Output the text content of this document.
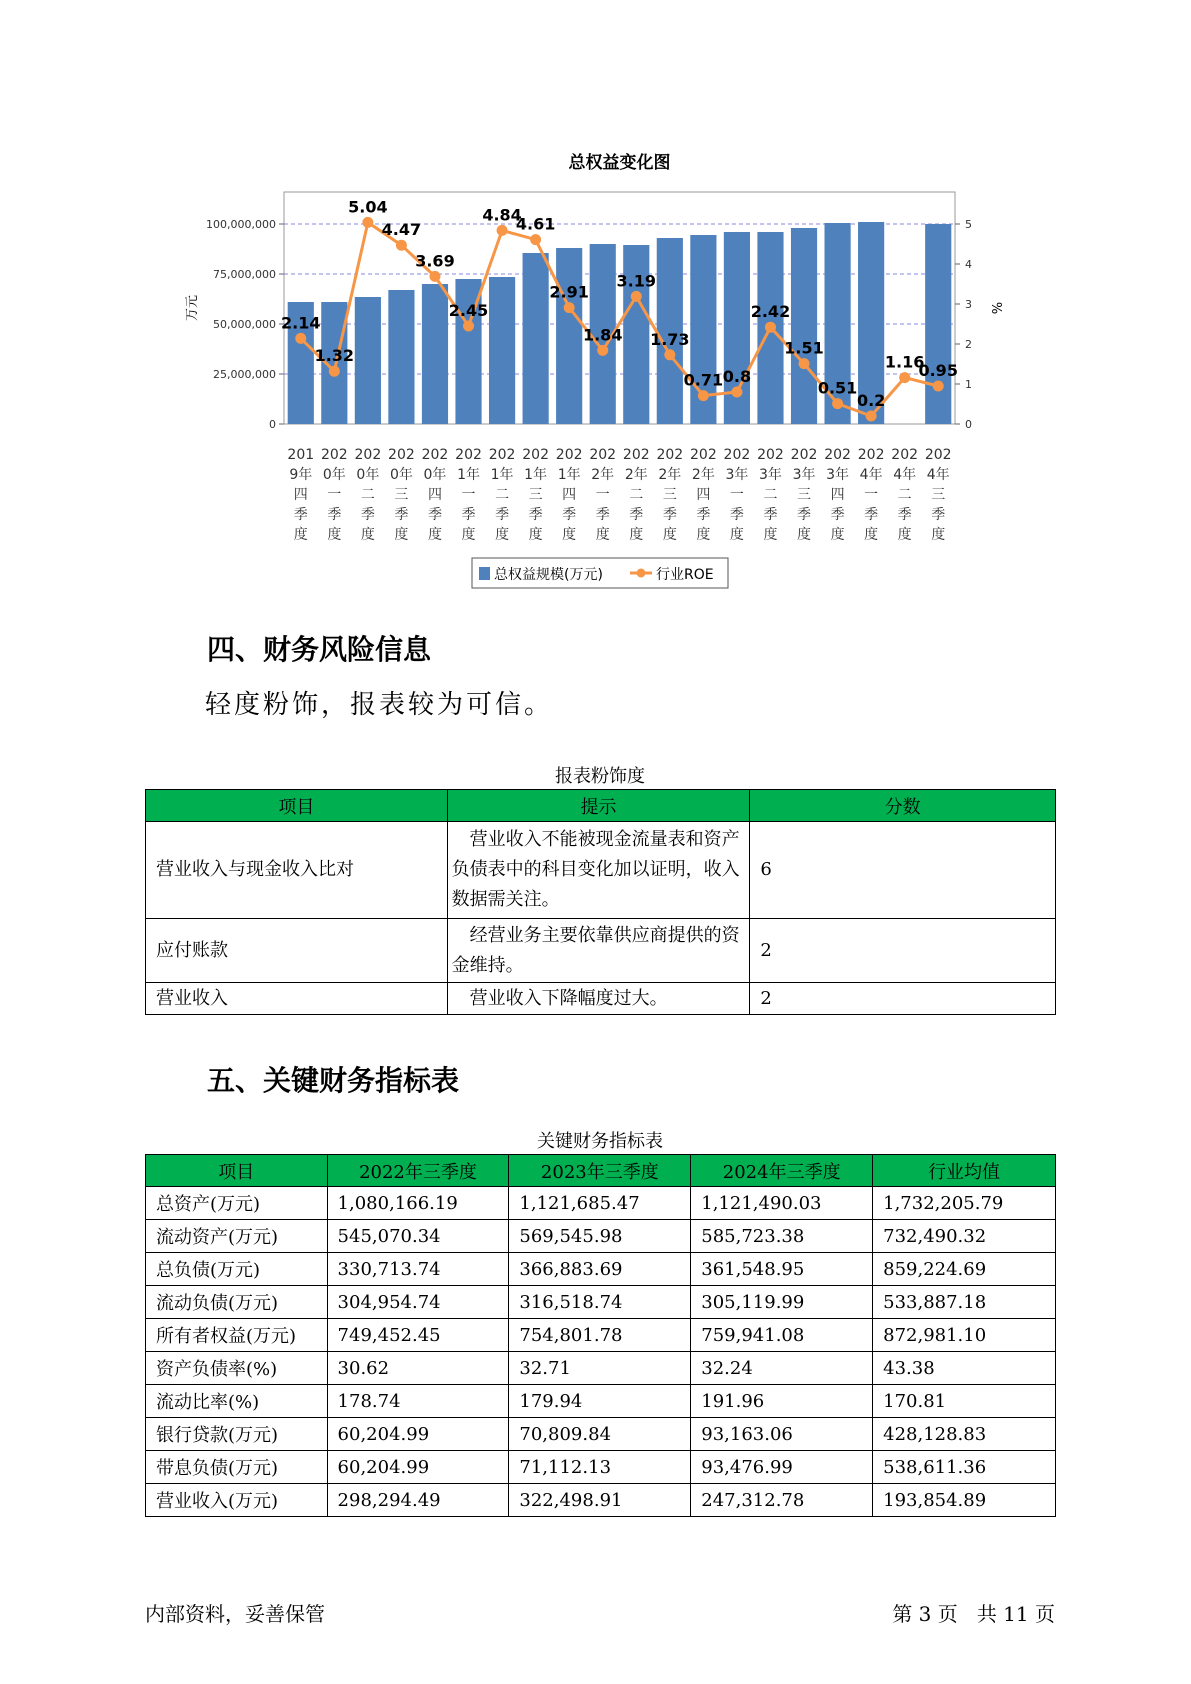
总权益变化图
0
25,000,000
50,000,000
75,000,000
100,000,000
0
1
2
3
4
5
万元	%
2.14
1.32
5.04
4.47
3.69
2.45
4.84
4.61
2.91
1.84
3.19
1.73
0.71 0.8
2.42
1.51
0.51
0.2
1.16
0.95
201
9年
四
季
度
202
0年
一
季
度
202
0年
二
季
度
202
0年
三
季
度
202
0年
四
季
度
202
1年
一
季
度
202
1年
二
季
度
202
1年
三
季
度
202
1年
四
季
度
202
2年
一
季
度
202
2年
二
季
度
202
2年
三
季
度
202
2年
四
季
度
202
3年
一
季
度
202
3年
二
季
度
202
3年
三
季
度
202
3年
四
季
度
202
4年
一
季
度
202
4年
二
季
度
202
4年
三
季
度
总权益规模(万元)	行业ROE
四、财务风险信息

轻度粉饰，报表较为可信。

报表粉饰度
项目	提示	分数
营业收入与现金收入比对	营业收入不能被现金流量表和资产负债表中的科目变化加以证明，收入数据需关注。	6
应付账款	经营业务主要依靠供应商提供的资金维持。	2
营业收入	营业收入下降幅度过大。	2
五、关键财务指标表
关键财务指标表
项目	2022年三季度	2023年三季度	2024年三季度	行业均值
总资产(万元)	1,080,166.19	1,121,685.47	1,121,490.03	1,732,205.79
流动资产(万元)	545,070.34	569,545.98	585,723.38	732,490.32
总负债(万元)	330,713.74	366,883.69	361,548.95	859,224.69
流动负债(万元)	304,954.74	316,518.74	305,119.99	533,887.18
所有者权益(万元)	749,452.45	754,801.78	759,941.08	872,981.10
资产负债率(%)	30.62	32.71	32.24	43.38
流动比率(%)	178.74	179.94	191.96	170.81
银行贷款(万元)	60,204.99	70,809.84	93,163.06	428,128.83
带息负债(万元)	60,204.99	71,112.13	93,476.99	538,611.36
营业收入(万元)	298,294.49	322,498.91	247,312.78	193,854.89
内部资料，妥善保管	第 3 页   共 11 页
